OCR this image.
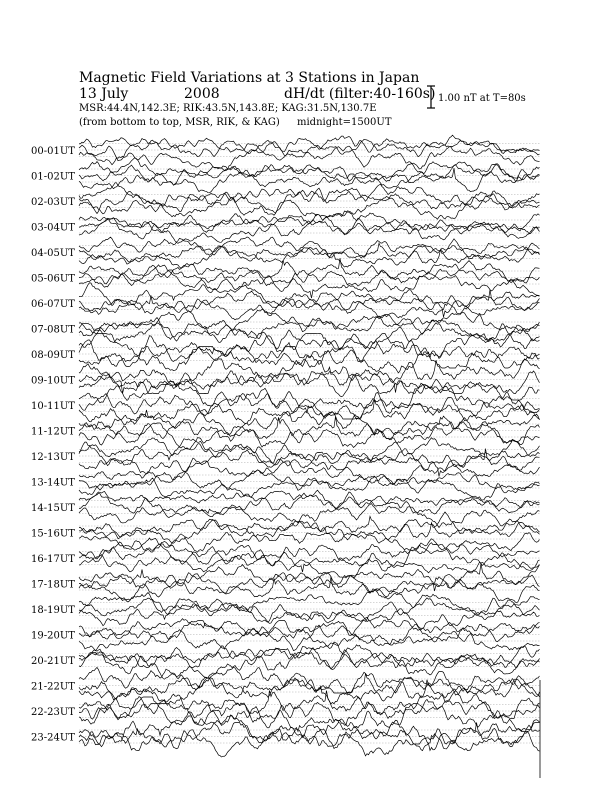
Magnetic Field Variations at 3 Stations in Japan
13 July	2008	dH/dt (filter:40-160s)
MSR:44.4N,142.3E; RIK:43.5N,143.8E; KAG:31.5N,130.7E
(from bottom to top, MSR, RIK, & KAG) midnight=1500UT
1.00 nT at T=80s
00-01UT
01-02UT
02-03UT
03-04UT
04-05UT
05-06UT
06-07UT
07-08UT
08-09UT
09-10UT
10-11UT
11-12UT
12-13UT
13-14UT
14-15UT
15-16UT
16-17UT
17-18UT
18-19UT
19-20UT
20-21UT
21-22UT
22-23UT
23-24UT
